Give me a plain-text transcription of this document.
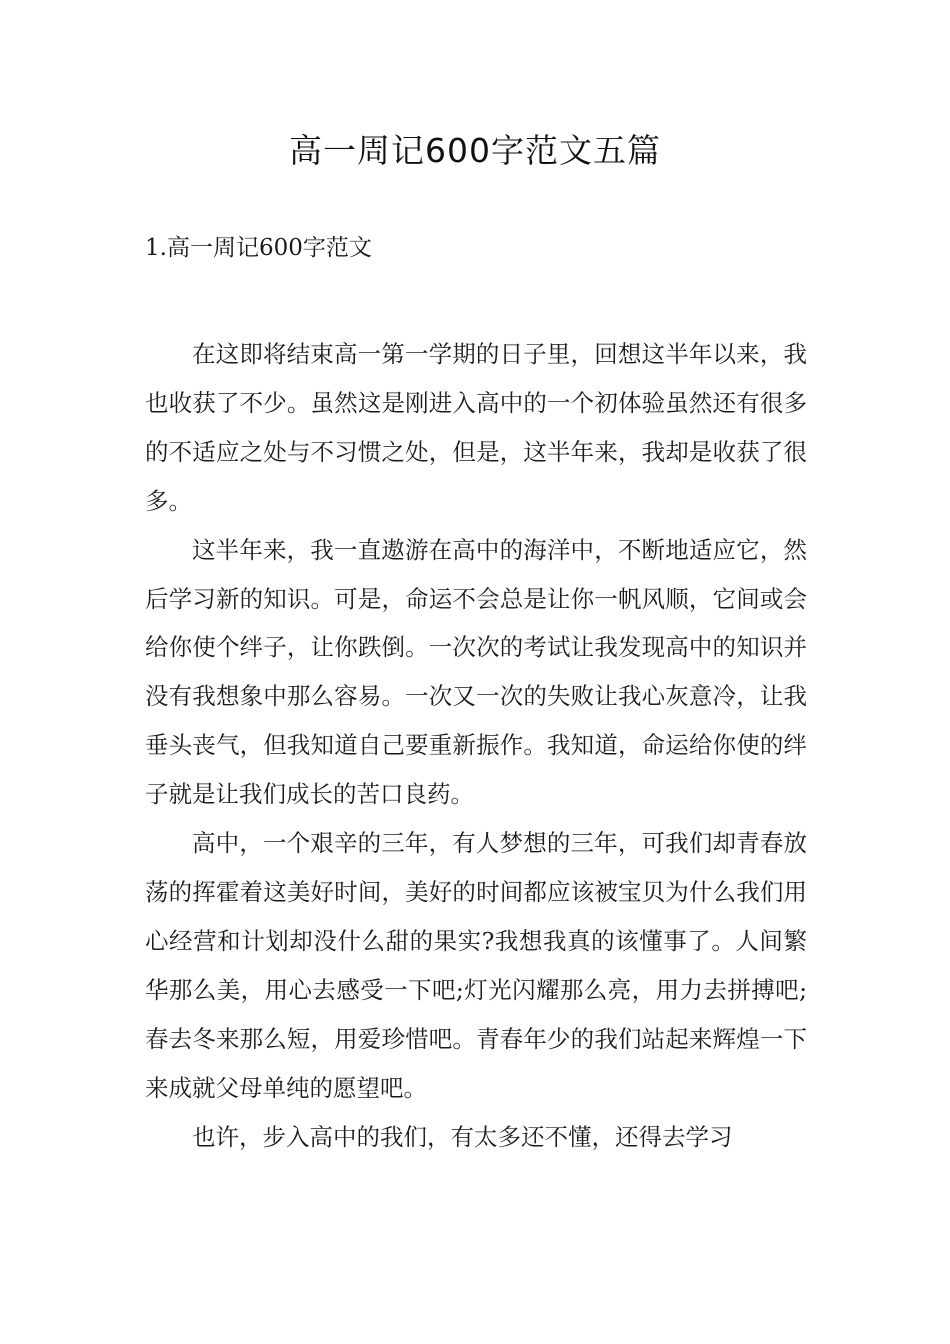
高一周记600字范文五篇
1.高一周记600字范文

在这即将结束高一第一学期的日子里，回想这半年以来，我也收获了不少。虽然这是刚进入高中的一个初体验虽然还有很多的不适应之处与不习惯之处，但是，这半年来，我却是收获了很多。

这半年来，我一直遨游在高中的海洋中，不断地适应它，然后学习新的知识。可是，命运不会总是让你一帆风顺，它间或会给你使个绊子，让你跌倒。一次次的考试让我发现高中的知识并没有我想象中那么容易。一次又一次的失败让我心灰意冷，让我垂头丧气，但我知道自己要重新振作。我知道，命运给你使的绊子就是让我们成长的苦口良药。

高中，一个艰辛的三年，有人梦想的三年，可我们却青春放荡的挥霍着这美好时间，美好的时间都应该被宝贝为什么我们用心经营和计划却没什么甜的果实?我想我真的该懂事了。人间繁华那么美，用心去感受一下吧;灯光闪耀那么亮，用力去拼搏吧;春去冬来那么短，用爱珍惜吧。青春年少的我们站起来辉煌一下来成就父母单纯的愿望吧。

也许，步入高中的我们，有太多还不懂，还得去学习
